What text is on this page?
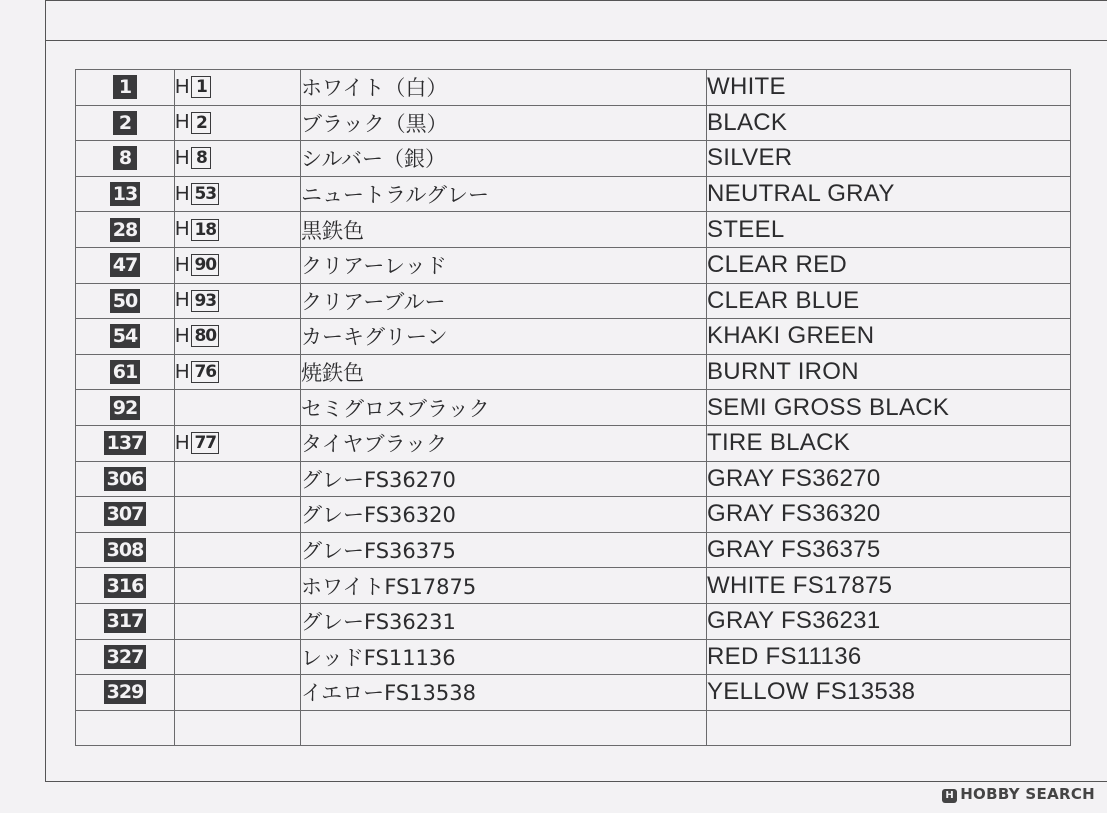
1	H 1	ホワイト（白）	WHITE
2	H 2	ブラック（黒）	BLACK
8	H 8	シルバー（銀）	SILVER
13	H 53	ニュートラルグレー	NEUTRAL GRAY
28	H 18	黒鉄色	STEEL
47	H 90	クリアーレッド	CLEAR RED
50	H 93	クリアーブルー	CLEAR BLUE
54	H 80	カーキグリーン	KHAKI GREEN
61	H 76	焼鉄色	BURNT IRON
92		セミグロスブラック	SEMI GROSS BLACK
137	H 77	タイヤブラック	TIRE BLACK
306		グレーFS36270	GRAY FS36270
307		グレーFS36320	GRAY FS36320
308		グレーFS36375	GRAY FS36375
316		ホワイトFS17875	WHITE FS17875
317		グレーFS36231	GRAY FS36231
327		レッドFS11136	RED FS11136
329		イエローFS13538	YELLOW FS13538

H HOBBY SEARCH
